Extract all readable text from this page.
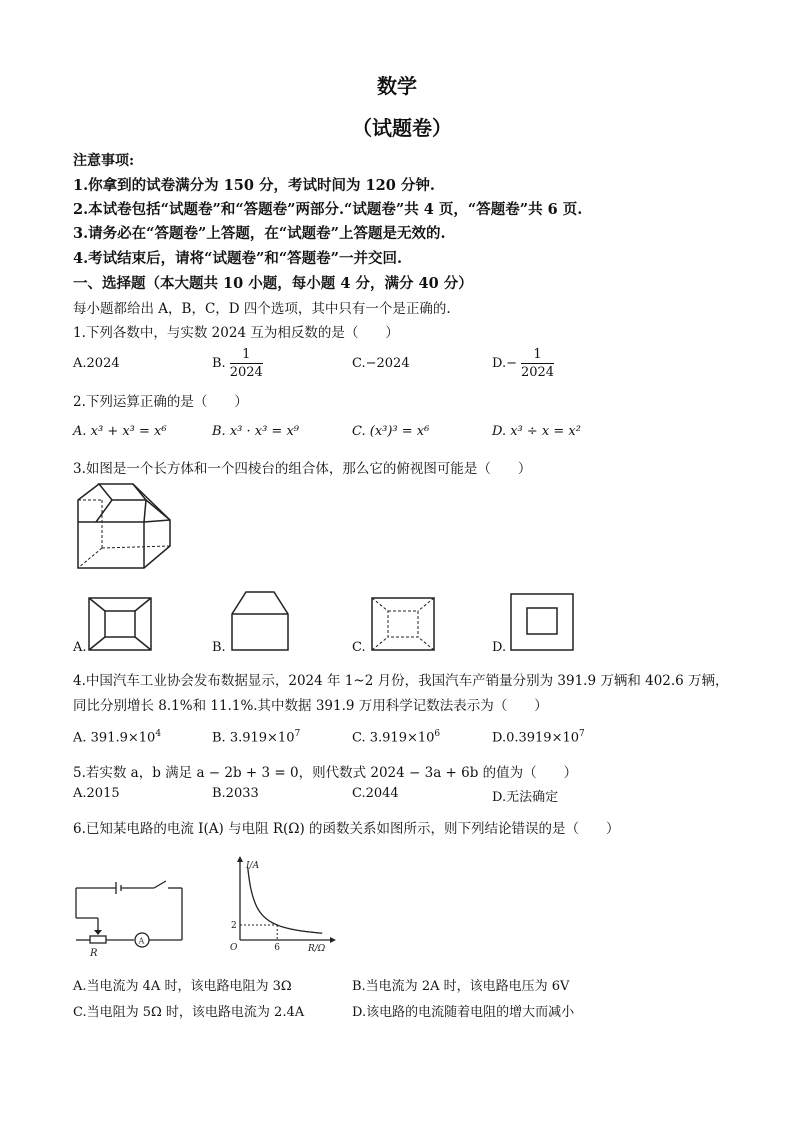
数学
（试题卷）
注意事项:
1.你拿到的试卷满分为 150 分，考试时间为 120 分钟.
2.本试卷包括“试题卷”和“答题卷”两部分.“试题卷”共 4 页，“答题卷”共 6 页.
3.请务必在“答题卷”上答题，在“试题卷”上答题是无效的.
4.考试结束后，请将“试题卷”和“答题卷”一并交回.
一、选择题（本大题共 10 小题，每小题 4 分，满分 40 分）
每小题都给出 A，B，C，D 四个选项，其中只有一个是正确的.
1.下列各数中，与实数 2024 互为相反数的是（　　）
A.2024	B. $\frac{1}{2024}$	C.−2024	$D.- \frac{1}{2024}$
2.下列运算正确的是（　　）
A. x³ + x³ = x⁶	B. x³ · x³ = x⁹	C. (x³)³ = x⁶	D. x³ ÷ x = x²
3.如图是一个长方体和一个四棱台的组合体，那么它的俯视图可能是（　　）
A.	B.	C.	D.
4.中国汽车工业协会发布数据显示，2024 年 1~2 月份，我国汽车产销量分别为 391.9 万辆和 402.6 万辆，
同比分别增长 8.1%和 11.1%.其中数据 391.9 万用科学记数法表示为（　　）
A. $391.9\times 10^4$	B. $3.919\times 10^7$	C. $3.919\times 10^6$	$D.0.3919\times 10^7$
5.若实数 a，b 满足 a − 2b + 3 = 0，则代数式 2024 − 3a + 6b 的值为（　　）
A.2015	B.2033	C.2044	D.无法确定
6.已知某电路的电流 I(A) 与电阻 R(Ω) 的函数关系如图所示，则下列结论错误的是（　　）
R
A
I/A
R/Ω
O
2
6
A.当电流为 4A 时，该电路电阻为 3Ω	B.当电流为 2A 时，该电路电压为 6V
C.当电阻为 5Ω 时，该电路电流为 2.4A	D.该电路的电流随着电阻的增大而减小
